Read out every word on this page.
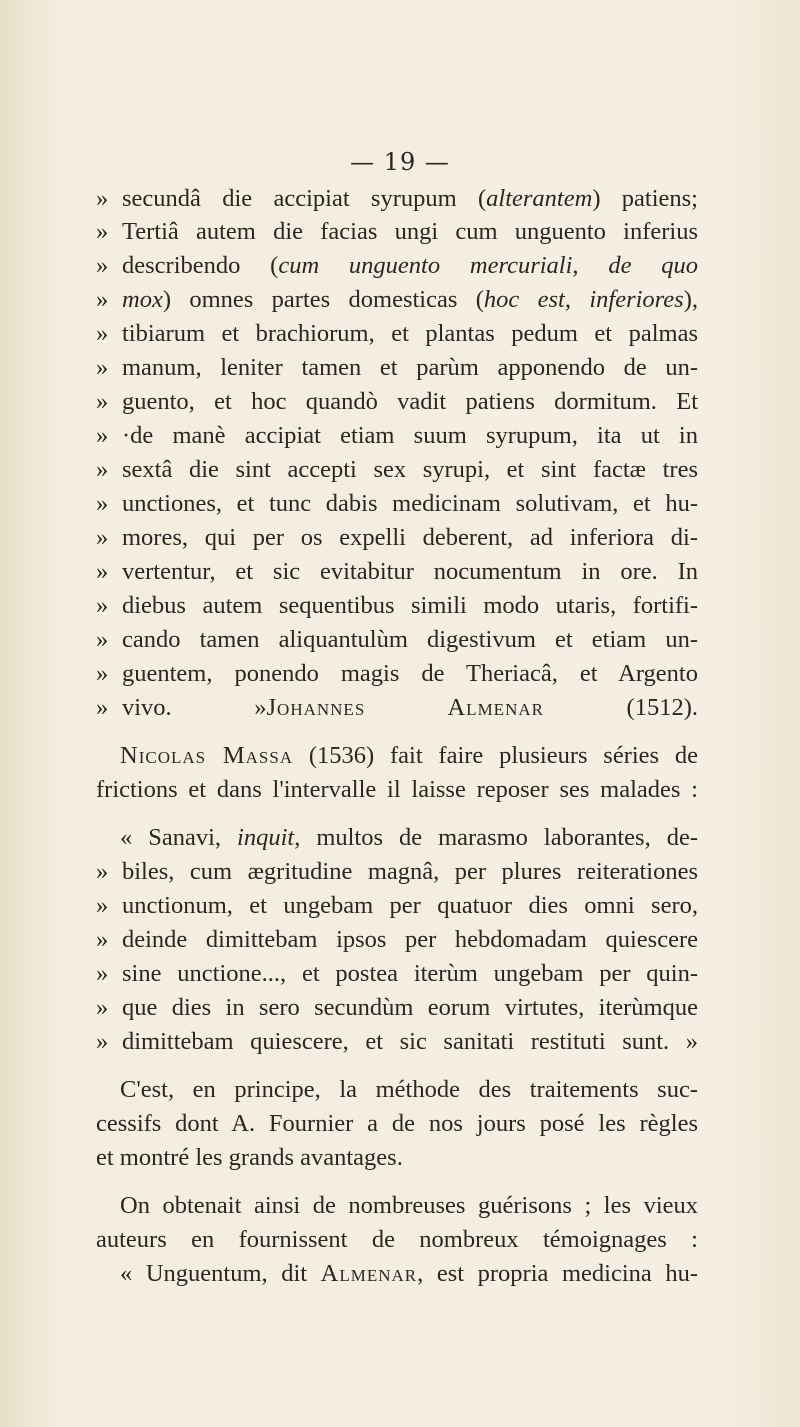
— 19 —
» secundâ die accipiat syrupum (alterantem) patiens;
» Tertiâ autem die facias ungi cum unguento inferius
» describendo (cum unguento mercuriali, de quo
» mox) omnes partes domesticas (hoc est, inferiores),
» tibiarum et brachiorum, et plantas pedum et palmas
» manum, leniter tamen et parùm apponendo de un-
» guento, et hoc quandò vadit patiens dormitum. Et
» ·de manè accipiat etiam suum syrupum, ita ut in
» sextâ die sint accepti sex syrupi, et sint factæ tres
» unctiones, et tunc dabis medicinam solutivam, et hu-
» mores, qui per os expelli deberent, ad inferiora di-
» vertentur, et sic evitabitur nocumentum in ore. In
» diebus autem sequentibus simili modo utaris, fortifi-
» cando tamen aliquantulùm digestivum et etiam un-
» guentem, ponendo magis de Theriacâ, et Argento
» vivo. »Johannes Almenar (1512).
Nicolas Massa (1536) fait faire plusieurs séries de
frictions et dans l'intervalle il laisse reposer ses malades :
« Sanavi, inquit, multos de marasmo laborantes, de-
» biles, cum ægritudine magnâ, per plures reiterationes
» unctionum, et ungebam per quatuor dies omni sero,
» deinde dimittebam ipsos per hebdomadam quiescere
» sine unctione..., et postea iterùm ungebam per quin-
» que dies in sero secundùm eorum virtutes, iterùmque
» dimittebam quiescere, et sic sanitati restituti sunt. »
C'est, en principe, la méthode des traitements suc-
cessifs dont A. Fournier a de nos jours posé les règles
et montré les grands avantages.
On obtenait ainsi de nombreuses guérisons ; les vieux
auteurs en fournissent de nombreux témoignages :
« Unguentum, dit Almenar, est propria medicina hu-
